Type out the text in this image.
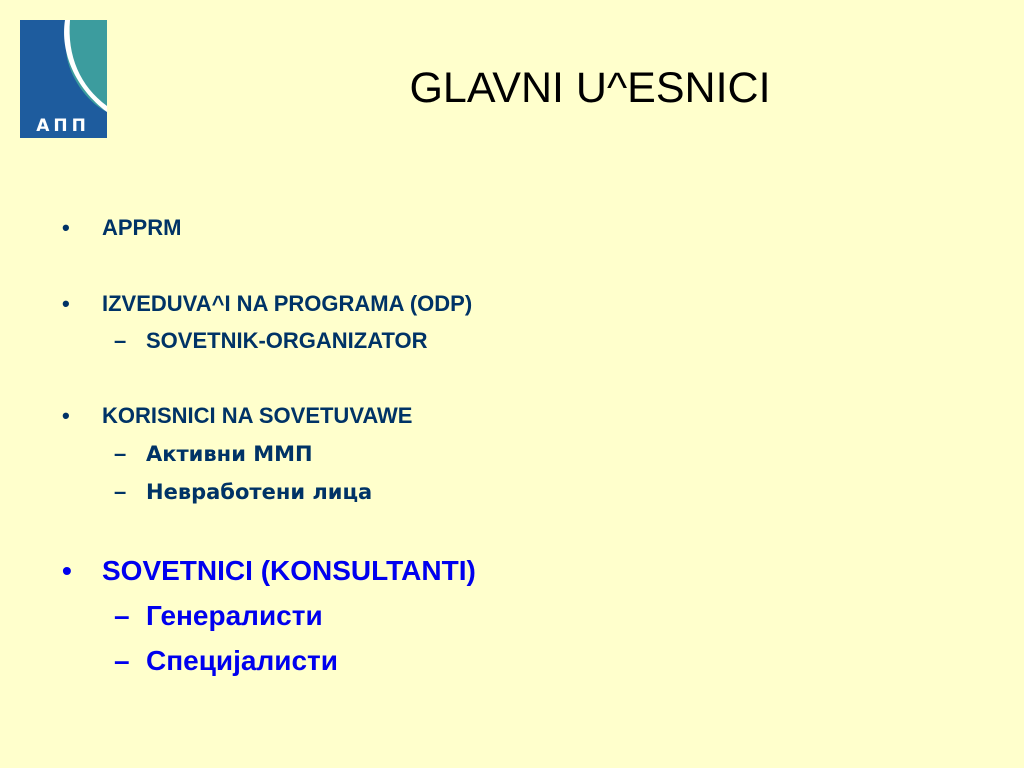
АПП
GLAVNI U^ESNICI
• APPRM
• IZVEDUVA^I NA PROGRAMA (ODP)
– SOVETNIK-ORGANIZATOR
• KORISNICI NA SOVETUVAWE
– Активни ММП
– Невработени лица
• SOVETNICI (KONSULTANTI)
– Генералисти
– Специјалисти
